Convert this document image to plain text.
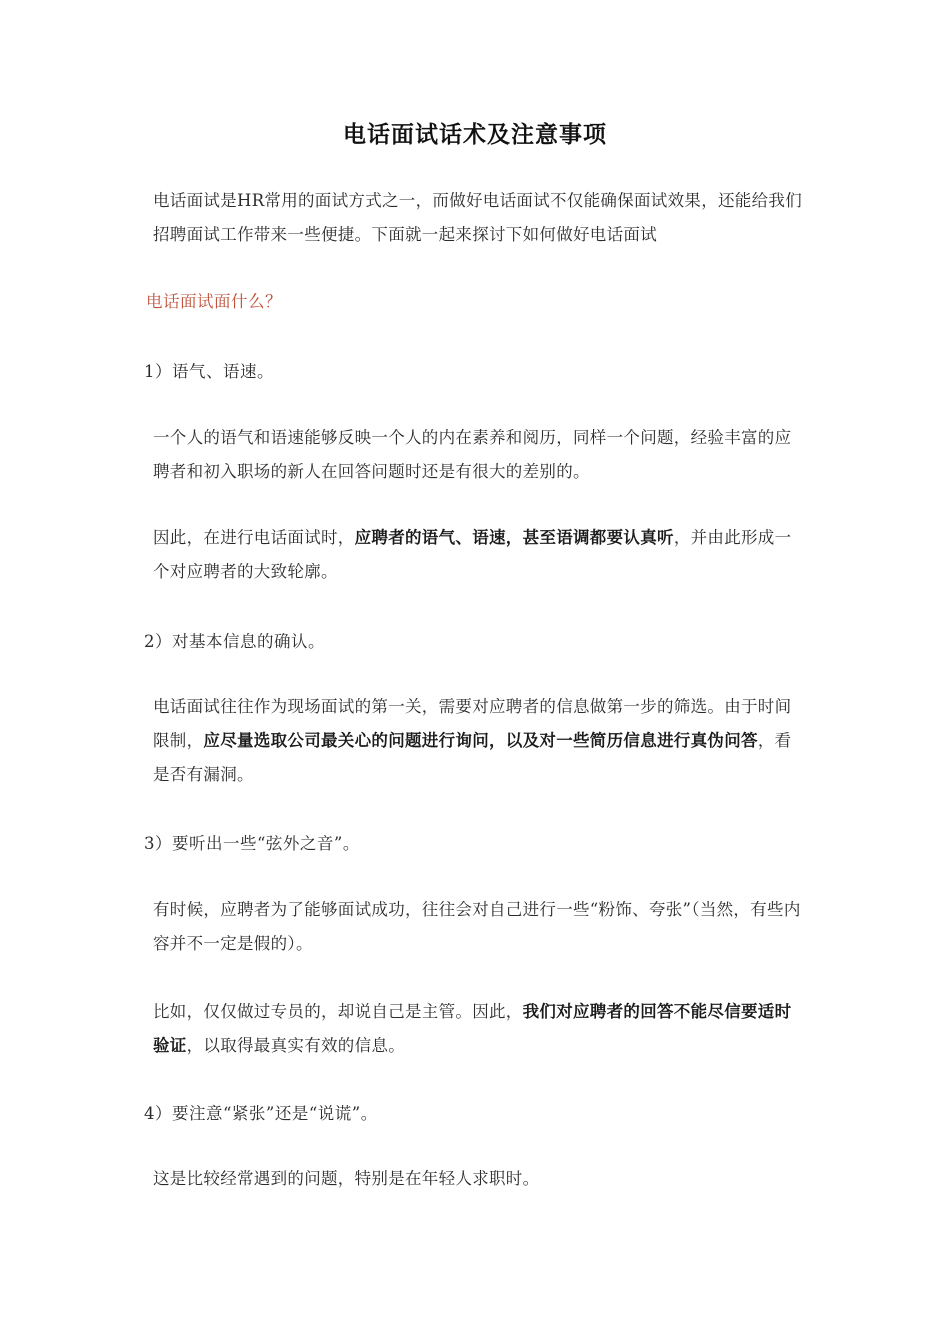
电话面试话术及注意事项

电话面试是HR常用的面试方式之一，而做好电话面试不仅能确保面试效果，还能给我们招聘面试工作带来一些便捷。下面就一起来探讨下如何做好电话面试

电话面试面什么？
1）语气、语速。

一个人的语气和语速能够反映一个人的内在素养和阅历，同样一个问题，经验丰富的应聘者和初入职场的新人在回答问题时还是有很大的差别的。

因此，在进行电话面试时，应聘者的语气、语速，甚至语调都要认真听，并由此形成一个对应聘者的大致轮廓。

2）对基本信息的确认。

电话面试往往作为现场面试的第一关，需要对应聘者的信息做第一步的筛选。由于时间限制，应尽量选取公司最关心的问题进行询问，以及对一些简历信息进行真伪问答，看是否有漏洞。

3）要听出一些“弦外之音”。

有时候，应聘者为了能够面试成功，往往会对自己进行一些“粉饰、夸张”（当然，有些内容并不一定是假的）。

比如，仅仅做过专员的，却说自己是主管。因此，我们对应聘者的回答不能尽信要适时验证，以取得最真实有效的信息。

4）要注意“紧张”还是“说谎”。

这是比较经常遇到的问题，特别是在年轻人求职时。
